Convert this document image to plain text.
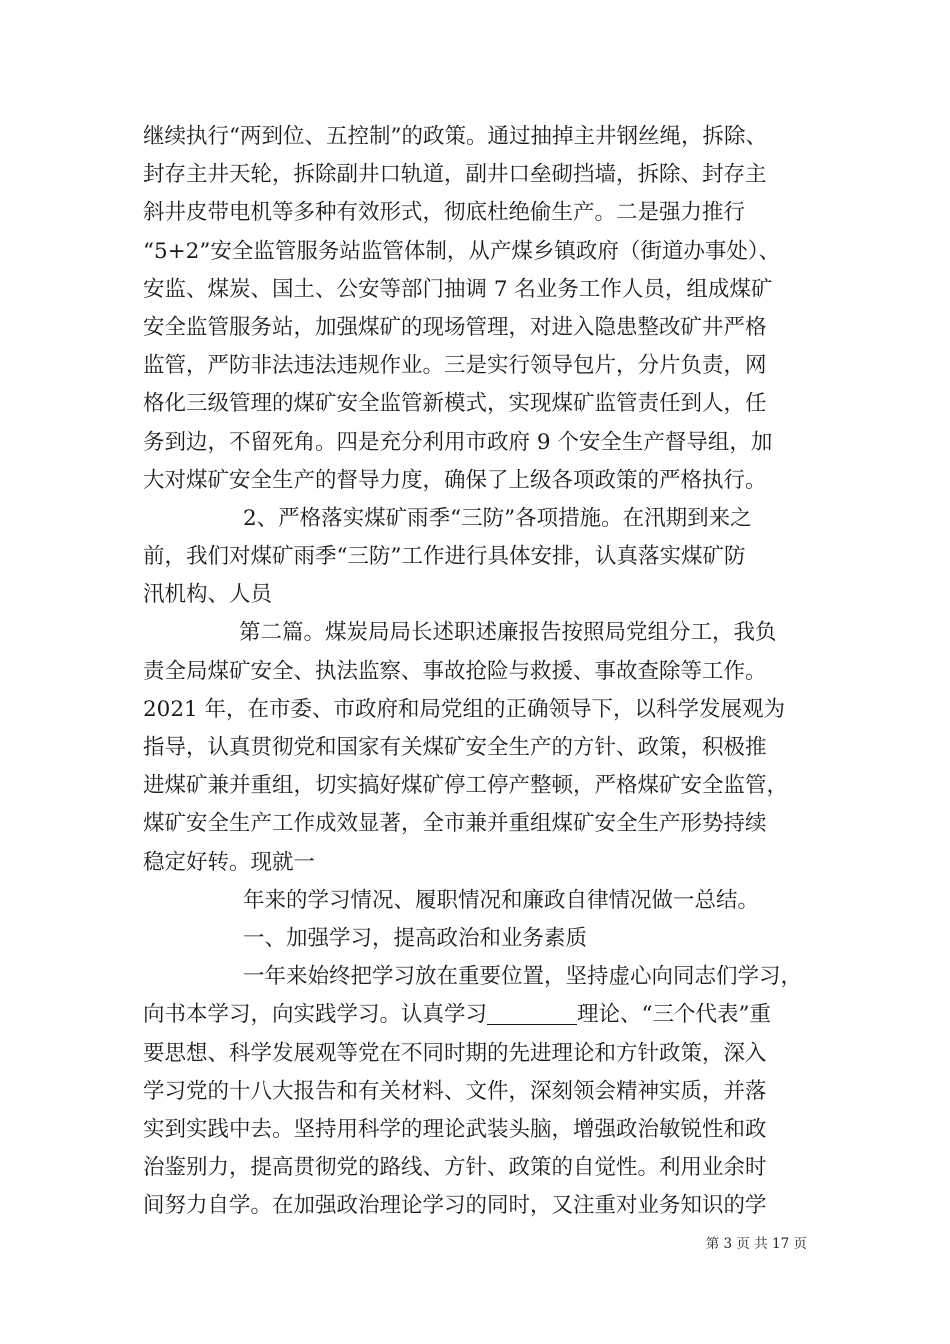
继续执行“两到位、五控制”的政策。通过抽掉主井钢丝绳，拆除、
封存主井天轮，拆除副井口轨道，副井口垒砌挡墙，拆除、封存主
斜井皮带电机等多种有效形式，彻底杜绝偷生产。二是强力推行
“5+2”安全监管服务站监管体制，从产煤乡镇政府（街道办事处）、
安监、煤炭、国土、公安等部门抽调 7 名业务工作人员，组成煤矿
安全监管服务站，加强煤矿的现场管理，对进入隐患整改矿井严格
监管，严防非法违法违规作业。三是实行领导包片，分片负责，网
格化三级管理的煤矿安全监管新模式，实现煤矿监管责任到人，任
务到边，不留死角。四是充分利用市政府 9 个安全生产督导组，加
大对煤矿安全生产的督导力度，确保了上级各项政策的严格执行。
2、严格落实煤矿雨季“三防”各项措施。在汛期到来之
前，我们对煤矿雨季“三防”工作进行具体安排，认真落实煤矿防
汛机构、人员
第二篇。煤炭局局长述职述廉报告按照局党组分工，我负
责全局煤矿安全、执法监察、事故抢险与救援、事故查除等工作。
2021 年，在市委、市政府和局党组的正确领导下，以科学发展观为
指导，认真贯彻党和国家有关煤矿安全生产的方针、政策，积极推
进煤矿兼并重组，切实搞好煤矿停工停产整顿，严格煤矿安全监管，
煤矿安全生产工作成效显著，全市兼并重组煤矿安全生产形势持续
稳定好转。现就一
年来的学习情况、履职情况和廉政自律情况做一总结。
一、加强学习，提高政治和业务素质
一年来始终把学习放在重要位置，坚持虚心向同志们学习，
向书本学习，向实践学习。认真学习	理论、“三个代表”重
要思想、科学发展观等党在不同时期的先进理论和方针政策，深入
学习党的十八大报告和有关材料、文件，深刻领会精神实质，并落
实到实践中去。坚持用科学的理论武装头脑，增强政治敏锐性和政
治鉴别力，提高贯彻党的路线、方针、政策的自觉性。利用业余时
间努力自学。在加强政治理论学习的同时，又注重对业务知识的学
第 3 页 共 17 页
